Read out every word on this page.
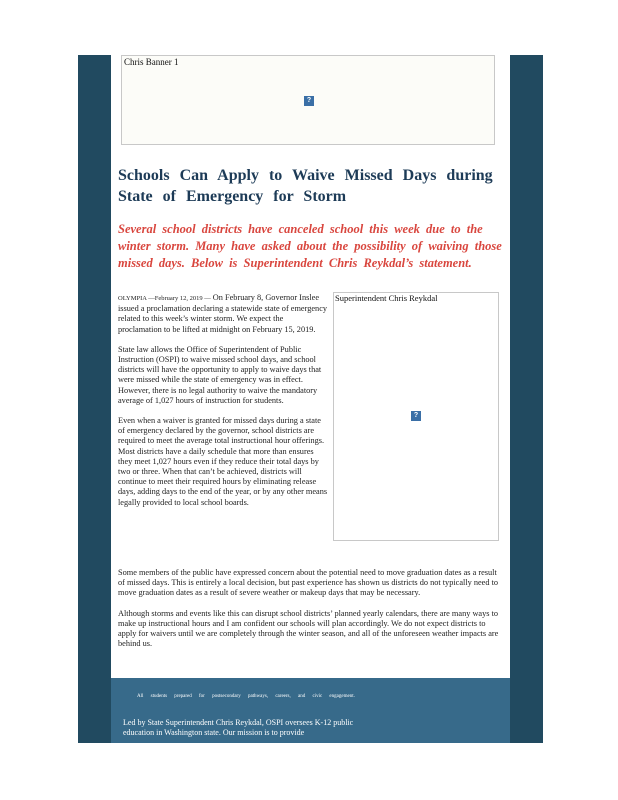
Chris Banner 1
?
Schools Can Apply to Waive Missed Days during State of Emergency for Storm

Several school districts have canceled school this week due to the winter storm. Many have asked about the possibility of waiving those missed days. Below is Superintendent Chris Reykdal’s statement.

Superintendent Chris Reykdal
?

OLYMPIA —February 12, 2019 — On February 8, Governor Inslee issued a proclamation declaring a statewide state of emergency related to this week’s winter storm. We expect the proclamation to be lifted at midnight on February 15, 2019.

State law allows the Office of Superintendent of Public Instruction (OSPI) to waive missed school days, and school districts will have the opportunity to apply to waive days that were missed while the state of emergency was in effect. However, there is no legal authority to waive the mandatory average of 1,027 hours of instruction for students.

Even when a waiver is granted for missed days during a state of emergency declared by the governor, school districts are required to meet the average total instructional hour offerings. Most districts have a daily schedule that more than ensures they meet 1,027 hours even if they reduce their total days by two or three. When that can’t be achieved, districts will continue to meet their required hours by eliminating release days, adding days to the end of the year, or by any other means legally provided to local school boards.

Some members of the public have expressed concern about the potential need to move graduation dates as a result of missed days. This is entirely a local decision, but past experience has shown us districts do not typically need to move graduation dates as a result of severe weather or makeup days that may be necessary.

Although storms and events like this can disrupt school districts’ planned yearly calendars, there are many ways to make up instructional hours and I am confident our schools will plan accordingly. We do not expect districts to apply for waivers until we are completely through the winter season, and all of the unforeseen weather impacts are behind us.

All students prepared for postsecondary pathways, careers, and civic engagement.
Led by State Superintendent Chris Reykdal, OSPI oversees K-12 public education in Washington state. Our mission is to provide
